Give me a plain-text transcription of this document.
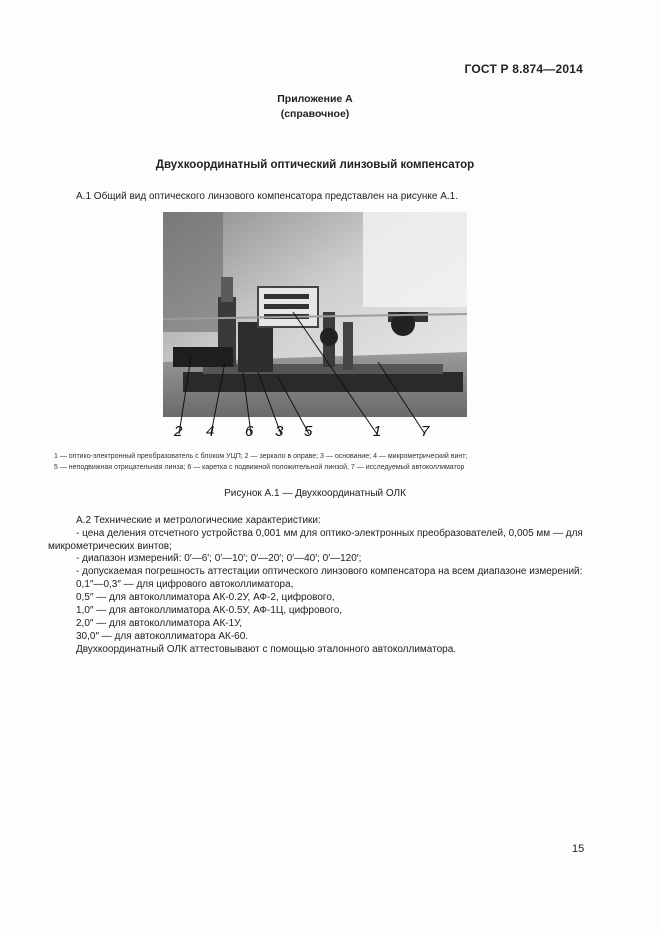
ГОСТ Р 8.874—2014
Приложение А
(справочное)
Двухкоординатный оптический линзовый компенсатор
А.1 Общий вид оптического линзового компенсатора представлен на рисунке А.1.
2 4 6 3 5	1	7
1 — оптико-электронный преобразователь с блоком УЦП; 2 — зеркало в оправе; 3 — основание; 4 — микрометрический винт;
5 — неподвижная отрицательная линза; 6 — каретка с подвижной положительной линзой, 7 — исследуемый автоколлиматор
Рисунок А.1 — Двухкоординатный ОЛК
А.2 Технические и метрологические характеристики:
- цена деления отсчетного устройства 0,001 мм для оптико-электронных преобразователей, 0,005 мм — для
микрометрических винтов;
- диапазон измерений: 0′—6′; 0′—10′; 0′—20′; 0′—40′; 0′—120′;
- допускаемая погрешность аттестации оптического линзового компенсатора на всем диапазоне измерений:
0,1″—0,3″ — для цифрового автоколлиматора,
0,5″ — для автоколлиматора АК-0.2У, АФ-2, цифрового,
1,0″ — для автоколлиматора АК-0.5У, АФ-1Ц, цифрового,
2,0″ — для автоколлиматора АК-1У,
30,0″ — для автоколлиматора АК-60.
Двухкоординатный ОЛК аттестовывают с помощью эталонного автоколлиматора.
15
